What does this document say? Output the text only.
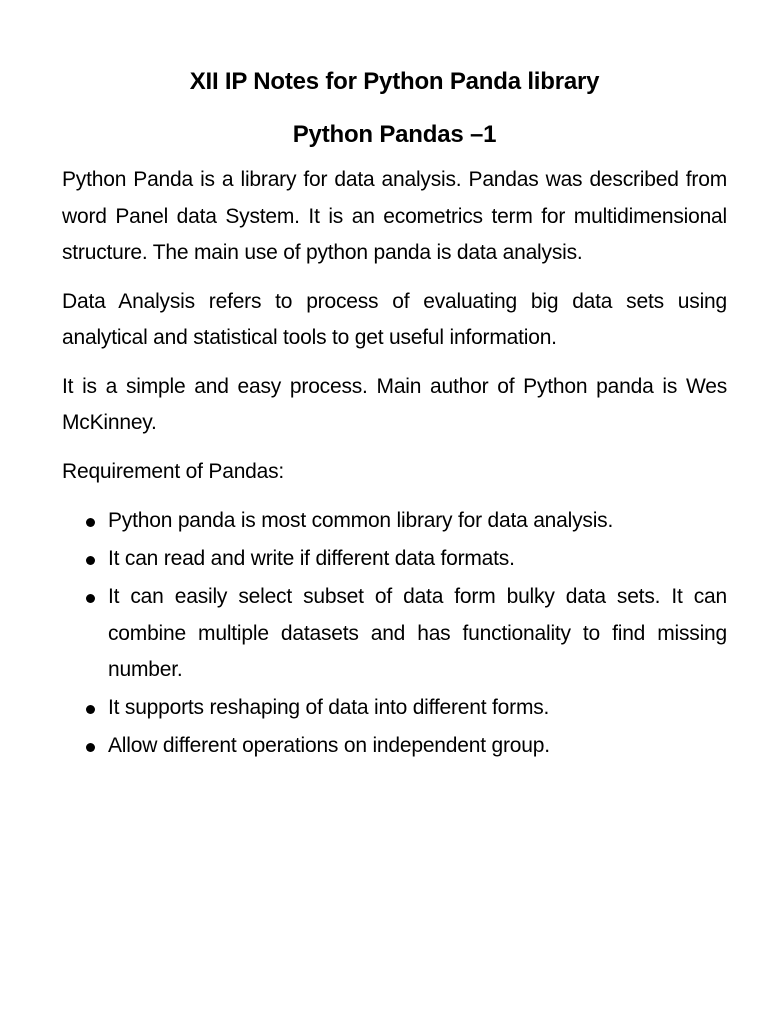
XII IP Notes for Python Panda library
Python Pandas –1

Python Panda is a library for data analysis. Pandas was described from word Panel data System. It is an ecometrics term for multidimensional structure. The main use of python panda is data analysis.

Data Analysis refers to process of evaluating big data sets using analytical and statistical tools to get useful information.

It is a simple and easy process. Main author of Python panda is Wes McKinney.

Requirement of Pandas:
Python panda is most common library for data analysis.
It can read and write if different data formats.
It can easily select subset of data form bulky data sets. It can combine multiple datasets and has functionality to find missing number.
It supports reshaping of data into different forms.
Allow different operations on independent group.
